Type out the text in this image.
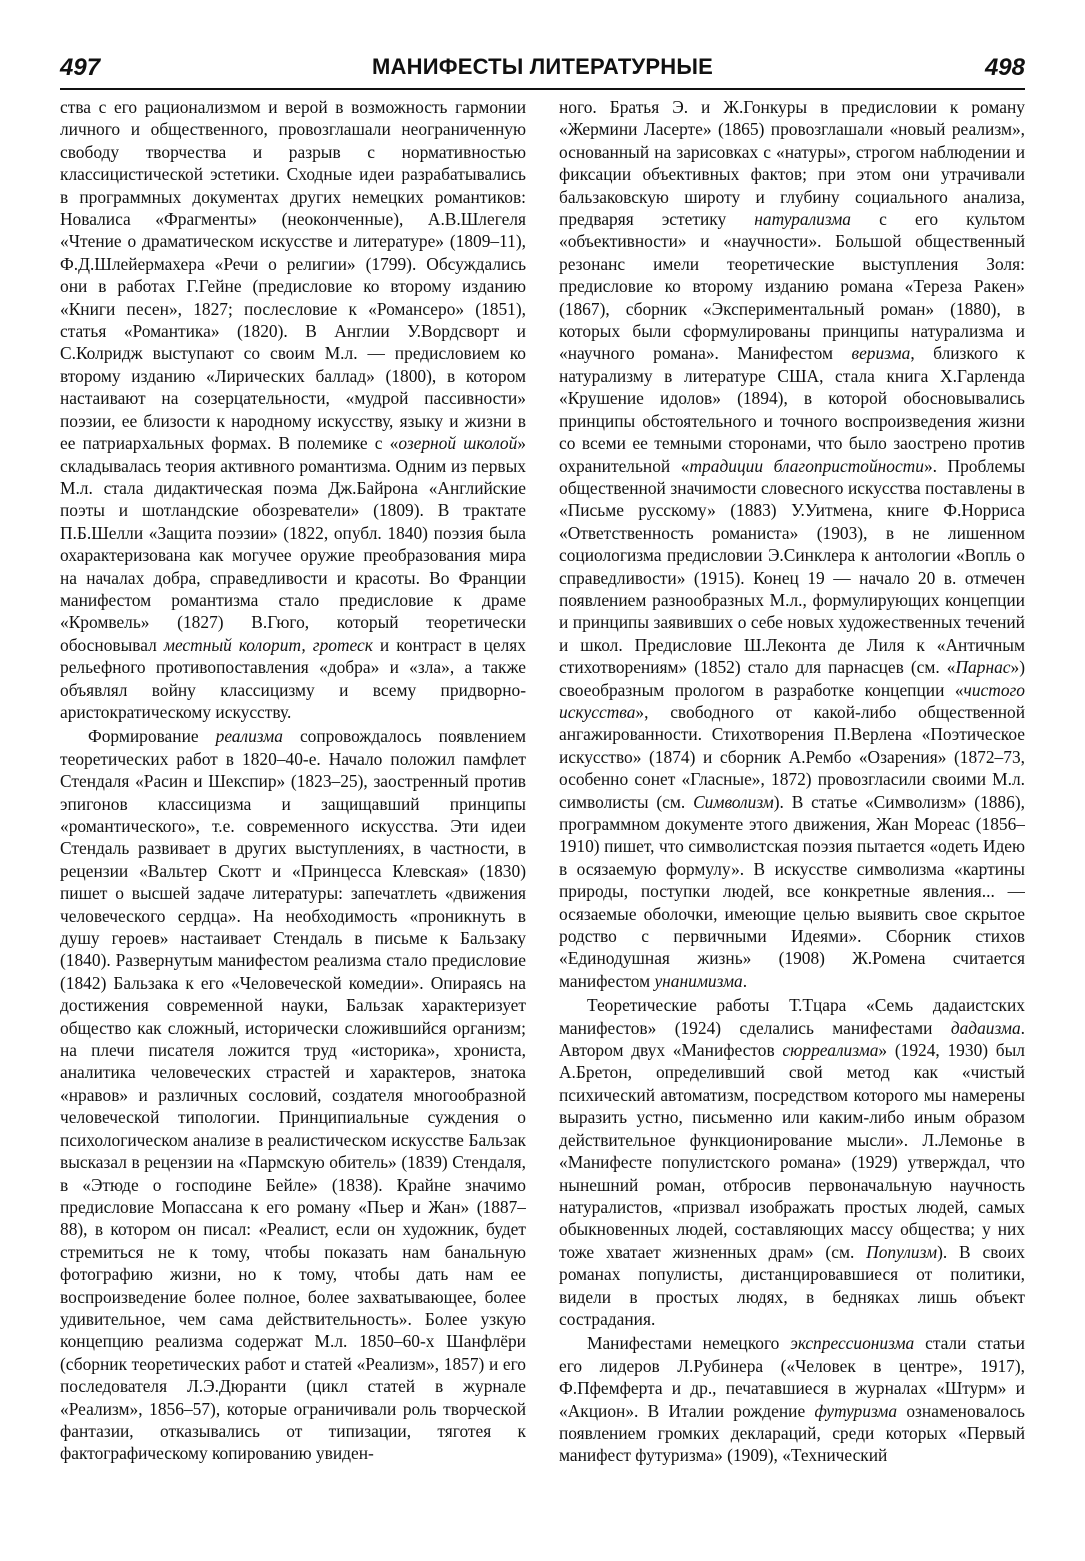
497	МАНИФЕСТЫ ЛИТЕРАТУРНЫЕ	498

ства с его рационализмом и верой в возможность гармонии личного и общественного, провозглашали неограниченную свободу творчества и разрыв с нормативностью классицистической эстетики. Сходные идеи разрабатывались в программных документах других немецких романтиков: Новалиса «Фрагменты» (неоконченные), А.В.Шлегеля «Чтение о драматическом искусстве и литературе» (1809–11), Ф.Д.Шлейермахера «Речи о религии» (1799). Обсуждались они в работах Г.Гейне (предисловие ко второму изданию «Книги песен», 1827; послесловие к «Романсеро» (1851), статья «Романтика» (1820). В Англии У.Вордсворт и С.Колридж выступают со своим М.л. — предисловием ко второму изданию «Лирических баллад» (1800), в котором настаивают на созерцательности, «мудрой пассивности» поэзии, ее близости к народному искусству, языку и жизни в ее патриархальных формах. В полемике с «озерной школой» складывалась теория активного романтизма. Одним из первых М.л. стала дидактическая поэма Дж.Байрона «Английские поэты и шотландские обозреватели» (1809). В трактате П.Б.Шелли «Защита поэзии» (1822, опубл. 1840) поэзия была охарактеризована как могучее оружие преобразования мира на началах добра, справедливости и красоты. Во Франции манифестом романтизма стало предисловие к драме «Кромвель» (1827) В.Гюго, который теоретически обосновывал местный колорит, гротеск и контраст в целях рельефного противопоставления «добра» и «зла», а также объявлял войну классицизму и всему придворно-аристократическому искусству.

Формирование реализма сопровождалось появлением теоретических работ в 1820–40-е. Начало положил памфлет Стендаля «Расин и Шекспир» (1823–25), заостренный против эпигонов классицизма и защищавший принципы «романтического», т.е. современного искусства. Эти идеи Стендаль развивает в других выступлениях, в частности, в рецензии «Вальтер Скотт и «Принцесса Клевская» (1830) пишет о высшей задаче литературы: запечатлеть «движения человеческого сердца». На необходимость «проникнуть в душу героев» настаивает Стендаль в письме к Бальзаку (1840). Развернутым манифестом реализма стало предисловие (1842) Бальзака к его «Человеческой комедии». Опираясь на достижения современной науки, Бальзак характеризует общество как сложный, исторически сложившийся организм; на плечи писателя ложится труд «историка», хрониста, аналитика человеческих страстей и характеров, знатока «нравов» и различных сословий, создателя многообразной человеческой типологии. Принципиальные суждения о психологическом анализе в реалистическом искусстве Бальзак высказал в рецензии на «Пармскую обитель» (1839) Стендаля, в «Этюде о господине Бейле» (1838). Крайне значимо предисловие Мопассана к его роману «Пьер и Жан» (1887–88), в котором он писал: «Реалист, если он художник, будет стремиться не к тому, чтобы показать нам банальную фотографию жизни, но к тому, чтобы дать нам ее воспроизведение более полное, более захватывающее, более удивительное, чем сама действительность». Более узкую концепцию реализма содержат М.л. 1850–60-х Шанфлёри (сборник теоретических работ и статей «Реализм», 1857) и его последователя Л.Э.Дюранти (цикл статей в журнале «Реализм», 1856–57), которые ограничивали роль творческой фантазии, отказывались от типизации, тяготея к фактографическому копированию увиден-

ного. Братья Э. и Ж.Гонкуры в предисловии к роману «Жермини Ласерте» (1865) провозглашали «новый реализм», основанный на зарисовках с «натуры», строгом наблюдении и фиксации объективных фактов; при этом они утрачивали бальзаковскую широту и глубину социального анализа, предваряя эстетику натурализма с его культом «объективности» и «научности». Большой общественный резонанс имели теоретические выступления Золя: предисловие ко второму изданию романа «Тереза Ракен» (1867), сборник «Экспериментальный роман» (1880), в которых были сформулированы принципы натурализма и «научного романа». Манифестом веризма, близкого к натурализму в литературе США, стала книга Х.Гарленда «Крушение идолов» (1894), в которой обосновывались принципы обстоятельного и точного воспроизведения жизни со всеми ее темными сторонами, что было заострено против охранительной «традиции благопристойности». Проблемы общественной значимости словесного искусства поставлены в «Письме русскому» (1883) У.Уитмена, книге Ф.Норриса «Ответственность романиста» (1903), в не лишенном социологизма предисловии Э.Синклера к антологии «Вопль о справедливости» (1915). Конец 19 — начало 20 в. отмечен появлением разнообразных М.л., формулирующих концепции и принципы заявивших о себе новых художественных течений и школ. Предисловие Ш.Леконта де Лиля к «Античным стихотворениям» (1852) стало для парнасцев (см. «Парнас») своеобразным прологом в разработке концепции «чистого искусства», свободного от какой-либо общественной ангажированности. Стихотворения П.Верлена «Поэтическое искусство» (1874) и сборник А.Рембо «Озарения» (1872–73, особенно сонет «Гласные», 1872) провозгласили своими М.л. символисты (см. Символизм). В статье «Символизм» (1886), программном документе этого движения, Жан Мореас (1856–1910) пишет, что символистская поэзия пытается «одеть Идею в осязаемую формулу». В искусстве символизма «картины природы, поступки людей, все конкретные явления... — осязаемые оболочки, имеющие целью выявить свое скрытое родство с первичными Идеями». Сборник стихов «Единодушная жизнь» (1908) Ж.Ромена считается манифестом унанимизма.

Теоретические работы Т.Тцара «Семь дадаистских манифестов» (1924) сделались манифестами дадаизма. Автором двух «Манифестов сюрреализма» (1924, 1930) был А.Бретон, определивший свой метод как «чистый психический автоматизм, посредством которого мы намерены выразить устно, письменно или каким-либо иным образом действительное функционирование мысли». Л.Лемонье в «Манифесте популистского романа» (1929) утверждал, что нынешний роман, отбросив первоначальную научность натуралистов, «призвал изображать простых людей, самых обыкновенных людей, составляющих массу общества; у них тоже хватает жизненных драм» (см. Популизм). В своих романах популисты, дистанцировавшиеся от политики, видели в простых людях, в бедняках лишь объект сострадания.

Манифестами немецкого экспрессионизма стали статьи его лидеров Л.Рубинера («Человек в центре», 1917), Ф.Пфемферта и др., печатавшиеся в журналах «Штурм» и «Акцион». В Италии рождение футуризма ознаменовалось появлением громких деклараций, среди которых «Первый манифест футуризма» (1909), «Технический
